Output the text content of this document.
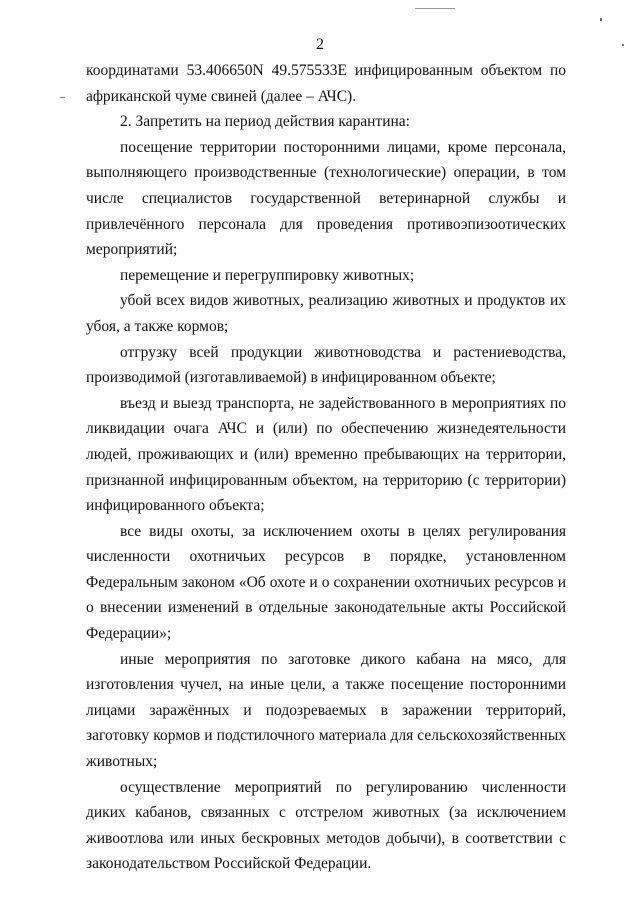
2

координатами 53.406650N 49.575533E инфицированным объектом по африканской чуме свиней (далее – АЧС).

2. Запретить на период действия карантина:

посещение территории посторонними лицами, кроме персонала, выполняющего производственные (технологические) операции, в том числе специалистов государственной ветеринарной службы и привлечённого персонала для проведения противоэпизоотических мероприятий;

перемещение и перегруппировку животных;

убой всех видов животных, реализацию животных и продуктов их убоя, а также кормов;

отгрузку всей продукции животноводства и растениеводства, производимой (изготавливаемой) в инфицированном объекте;

въезд и выезд транспорта, не задействованного в мероприятиях по ликвидации очага АЧС и (или) по обеспечению жизнедеятельности людей, проживающих и (или) временно пребывающих на территории, признанной инфицированным объектом, на территорию (с территории) инфицированного объекта;

все виды охоты, за исключением охоты в целях регулирования численности охотничьих ресурсов в порядке, установленном Федеральным законом «Об охоте и о сохранении охотничьих ресурсов и о внесении изменений в отдельные законодательные акты Российской Федерации»;

иные мероприятия по заготовке дикого кабана на мясо, для изготовления чучел, на иные цели, а также посещение посторонними лицами заражённых и подозреваемых в заражении территорий, заготовку кормов и подстилочного материала для сельскохозяйственных животных;

осуществление мероприятий по регулированию численности диких кабанов, связанных с отстрелом животных (за исключением живоотлова или иных бескровных методов добычи), в соответствии с законодательством Российской Федерации.
